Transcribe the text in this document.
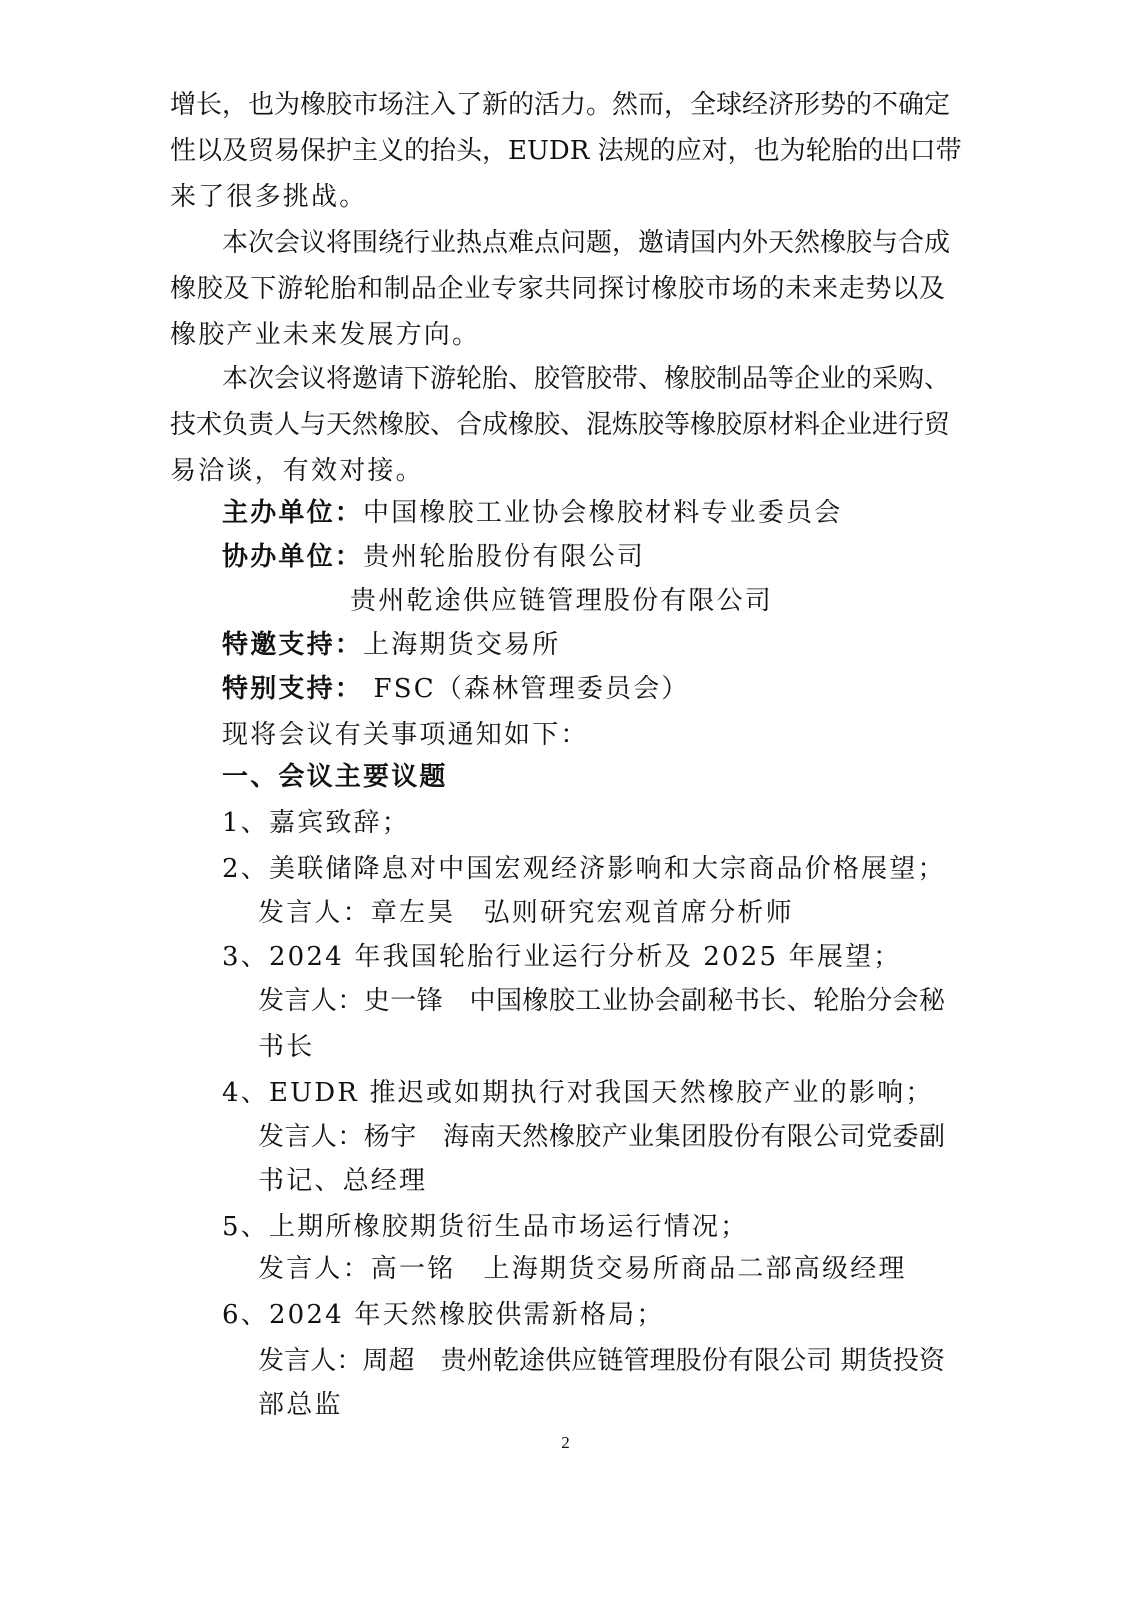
增长，也为橡胶市场注入了新的活力。然而，全球经济形势的不确定
性以及贸易保护主义的抬头，EUDR 法规的应对，也为轮胎的出口带
来了很多挑战。
本次会议将围绕行业热点难点问题，邀请国内外天然橡胶与合成
橡胶及下游轮胎和制品企业专家共同探讨橡胶市场的未来走势以及
橡胶产业未来发展方向。
本次会议将邀请下游轮胎、胶管胶带、橡胶制品等企业的采购、
技术负责人与天然橡胶、合成橡胶、混炼胶等橡胶原材料企业进行贸
易洽谈，有效对接。
主办单位：中国橡胶工业协会橡胶材料专业委员会
协办单位：贵州轮胎股份有限公司
贵州乾途供应链管理股份有限公司
特邀支持：上海期货交易所
特别支持： FSC（森林管理委员会）
现将会议有关事项通知如下：
一、会议主要议题
1、嘉宾致辞；
2、美联储降息对中国宏观经济影响和大宗商品价格展望；
发言人：章左昊　弘则研究宏观首席分析师
3、2024 年我国轮胎行业运行分析及 2025 年展望；
发言人：史一锋　中国橡胶工业协会副秘书长、轮胎分会秘
书长
4、EUDR 推迟或如期执行对我国天然橡胶产业的影响；
发言人：杨宇　海南天然橡胶产业集团股份有限公司党委副
书记、总经理
5、上期所橡胶期货衍生品市场运行情况；
发言人：高一铭　上海期货交易所商品二部高级经理
6、2024 年天然橡胶供需新格局；
发言人：周超　贵州乾途供应链管理股份有限公司 期货投资
部总监
2
